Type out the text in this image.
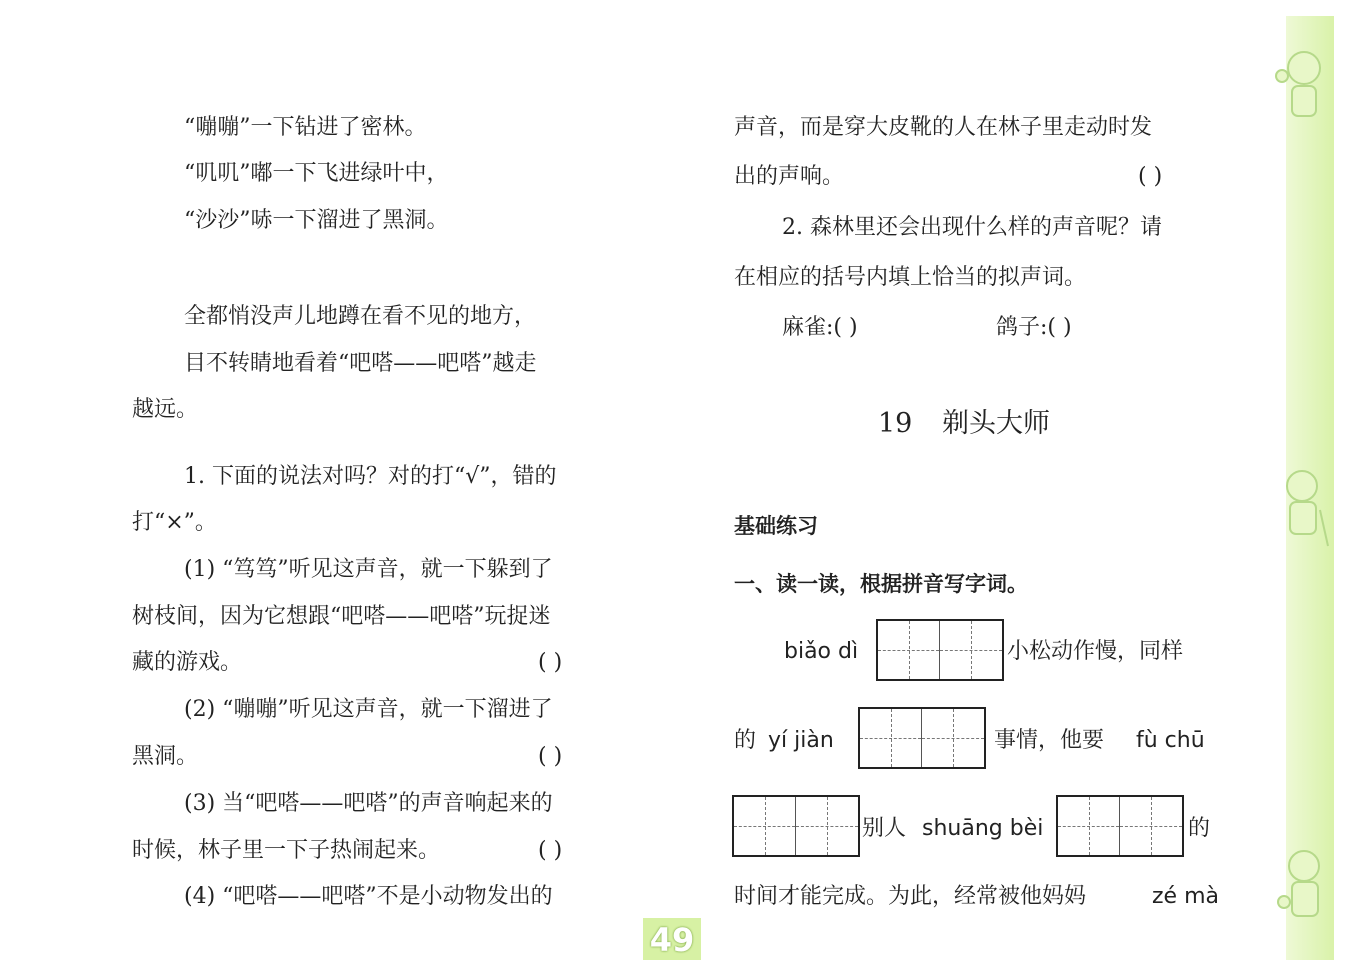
“嘣嘣”一下钻进了密林。
“叽叽”嘟一下飞进绿叶中，
“沙沙”哧一下溜进了黑洞。
全都悄没声儿地蹲在看不见的地方，
目不转睛地看着“吧嗒——吧嗒”越走
越远。
1. 下面的说法对吗？对的打“√”，错的
打“×”。
(1) “笃笃”听见这声音，就一下躲到了
树枝间，因为它想跟“吧嗒——吧嗒”玩捉迷
藏的游戏。	( )
(2) “嘣嘣”听见这声音，就一下溜进了
黑洞。	( )
(3) 当“吧嗒——吧嗒”的声音响起来的
时候，林子里一下子热闹起来。	( )
(4) “吧嗒——吧嗒”不是小动物发出的
声音，而是穿大皮靴的人在林子里走动时发
出的声响。	( )
2. 森林里还会出现什么样的声音呢？请
在相应的括号内填上恰当的拟声词。
麻雀:( )	鸽子:( )
19 剃头大师
基础练习
一、读一读，根据拼音写字词。
biǎo dì	小松动作慢，同样
的 yí jiàn	事情，他要 fù chū
别人 shuāng bèi	的
时间才能完成。为此，经常被他妈妈	zé mà
49
